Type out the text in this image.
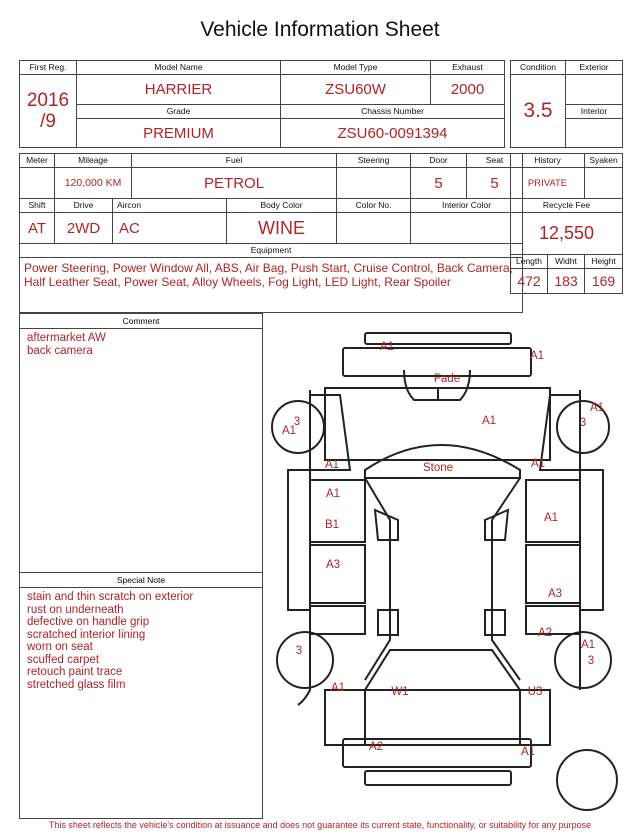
Vehicle Information Sheet
First Reg.	Model Name	Model Type	Exhaust

2016
/9	HARRIER	ZSU60W	2000
	Grade	Chassis Number	
	PREMIUM	ZSU60-0091394	
Condition	Exterior
3.5	
	Interior

Meter	Mileage		Fuel		Steering	Door	Seat
	120,000 KM		PETROL			5	5
Shift	Drive	Aircon		Body Color	Color No.	Interior Color	
AT	2WD	AC		WINE			
Equipment							
Power Steering, Power Window All, ABS, Air Bag, Push Start, Cruise Control, Back Camera, Half Leather Seat, Power Seat, Alloy Wheels, Fog Light, LED Light, Rear Spoiler							
History		Syaken
PRIVATE		
Recycle Fee		
12,550		
Length	Widht	Height
472	183	169
Comment
aftermarket AW
back camera
Special Note
stain and thin scratch on exterior
rust on underneath
defective on handle grip
scratched interior lining
worn on seat
scuffed carpet
retouch paint trace
stretched glass film
A1
A1
Fade
A1
A1
3
A1
3
A1	Stone	A1
A1
A1
B1
A3
A3
A2
3	A1
3
A1	W1	U3
A2	A1
This sheet reflects the vehicle's condition at issuance and does not guarantee its current state, functionality, or suitability for any purpose
